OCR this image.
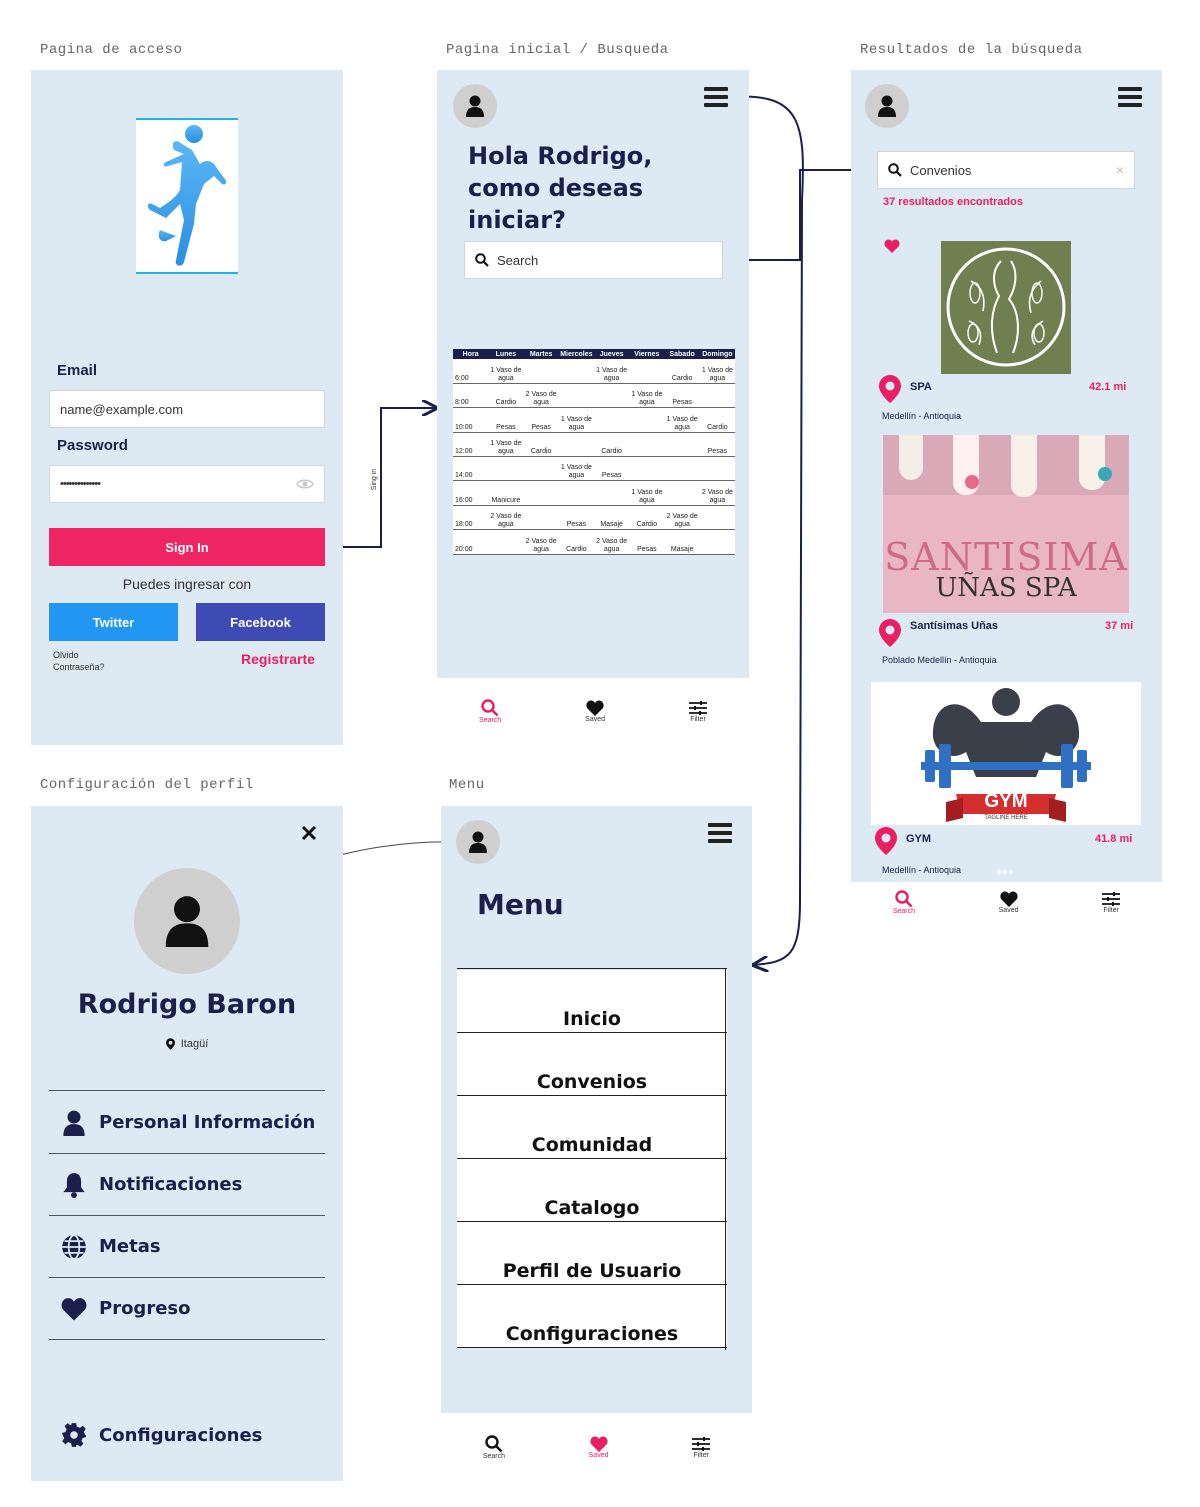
Pagina de acceso	Pagina inicial / Busqueda	Resultados de la búsqueda
Configuración del perfil	Menu
Sing in
Email
name@example.com
Password
••••••••••••••
Sign In
Puedes ingresar con
Twitter	Facebook
Olvido
Contraseña?	Registrarte
Hola Rodrigo,
como deseas
iniciar?
Search
Hora	Lunes	Martes	Miercoles	Jueves	Viernes	Sabado	Domingo
6:00	1 Vaso de agua			1 Vaso de agua		Cardio	1 Vaso de agua
8:00	Cardio	2 Vaso de agua			1 Vaso de agua	Pesas	
10:00	Pesas	Pesas	1 Vaso de agua			1 Vaso de agua	Cardio
12:00	1 Vaso de agua	Cardio		Cardio			Pesas
14:00			1 Vaso de agua	Pesas			
16:00	Manicure				1 Vaso de agua		2 Vaso de agua
18:00	2 Vaso de agua		Pesas	Masaje	Cardio	2 Vaso de agua	
20:00		2 Vaso de agua	Cardio	2 Vaso de agua	Pesas	Masaje	
Search	Saved	Filter
Convenios	×
37 resultados encontrados
SPA	42.1 mi
Medellín - Antioquia
SANTISIMA
UÑAS SPA
Santísimas Uñas	37 mi
Poblado Medellín - Antioquia
GYM
TAGLINE HERE
GYM	41.8 mi
Medellín - Antioquia
Search	Saved	Filter
Rodrigo Baron
Itagüí
Personal Información
Notificaciones
Metas
Progreso
Configuraciones
Menu
Inicio
Convenios
Comunidad
Catalogo
Perfil de Usuario
Configuraciones
Search	Saved	Filter
